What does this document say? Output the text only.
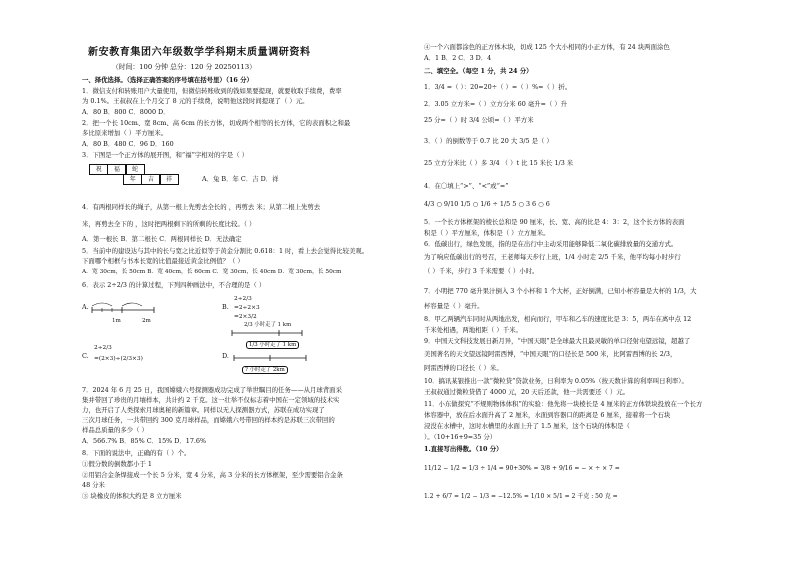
新安教育集团六年级数学学科期末质量调研资料
（时间：100 分钟 总分：120 分 20250113）
一、择优选择。（选择正确答案的序号填在括号里）（16 分）
1．微信支付和转账用户大量使用，但微信转账收到的钱如果要提现，就要收取手续费，费率
为 0.1%。王叔叔在上个月交了 8 元的手续费，说明他这段时间提现了（ ）元。
A．80 B．800 C．8000 D．
2．把一个长 10cm、宽 8cm、高 6cm 的长方体，切成两个相等的长方体，它的表面积之和最
多比原来增加（ ）平方厘米。
A．80 B．480 C．96 D．160
3．下图是一个正方体的展开图，和“福”字相对的字是（ ）
祝	福	蛇
年	吉	祥	A．兔 B．年 C．吉 D．祥
4．有两根同样长的绳子，从第一根上先剪去全长的 ，再剪去 米；从第二根上先剪去
米，再剪去全下的 ，这时把两根剩下的所剩的长度比较。（ ）
A．第一根长 B．第二根长 C．两根同样长 D．无法确定
5．当前中的建设达与其中的长与宽之比近似等于黄金分割比 0.618：1 时，看上去会觉得比较美观。
下面哪个相框与书本长宽的比值最接近黄金比例值？（ ）
A．宽 30cm，长 50cm B．宽 40cm，长 60cm C．宽 30cm，长 40cm D．宽 30cm，长 50cm
6．表示 2÷2/3 的计算过程，下列四种画法中，不合理的是（ ）
A.
1m	2m
B.
2÷2/3
=2÷2×3
=2×3/2
2/3 小时走了 1 km
C.
2÷2/3
=(2×3)÷(2/3×3)	D.
1/3 小时走了 1 km
? 小时走了 2km
7．2024 年 6 月 25 日，我国嫦娥六号探测器成功完成了举世瞩目的任务——从月球背面采
集并带回了珍贵的月壤样本，共计约 2 千克。这一壮举不仅标志着中国在一定领域的技术实
力，也开启了人类探索月球奥秘的新篇章。同样以无人探测器方式，苏联在成功实现了
三次月球任务，一共带回约 300 克月球样品，而嫦娥六号带回的样本约是苏联三次带回的
样品总质量的多少（ ）
A．566.7% B．85% C．15% D．17.6%
8．下面的说法中，正确的有（ ）个。
①假分数的倒数都小于 1
②用铝合金条焊接成一个长 5 分米，宽 4 分米，高 3 分米的长方体框架，至少需要铝合金条
48 分米
③ 块橡皮的体积大约是 8 立方厘米
④一个六面都涂色的正方体木块，切成 125 个大小相同的小正方体，有 24 块两面涂色
A．1 B．2 C．3 D．4
二、填空全。（每空 1 分，共 24 分）
1．3/4 =（ ）：20=20÷（ ）=（ ）%=（ ）折。
2．3.05 立方米=（ ）立方分米 60 毫升=（ ）升
25 分=（ ）时 3/4 公顷=（ ）平方米
3．（ ）的倒数等于 0.7 比 20 大 3/5 是（ ）
25 立方分米比（ ）多 3/4 （ ）t 比 15 米长 1/3 米
4．在〇填上“>”、“<”或“=”
4/3 ○ 9/10 1/5 ○ 1/6 ÷ 1/5 5 ○ 3 6 ○ 6
5．一个长方体框架的棱长总和是 90 厘米，长、宽、高的比是 4：3：2，这个长方体的表面
积是（ ）平方厘米，体积是（ ）立方厘米。
6．低碳出行，绿色发展，指的是在出行中主动采用能够降低二氧化碳排放量的交通方式。
为了响应低碳出行的号召，王老师每天步行上班，1/4 小时走 2/5 千米，他平均每小时步行
（ ）千米，步行 3 千米需要（ ）小时。
7．小明把 770 毫升果汁倒入 3 个小杯和 1 个大杯，正好倒满，已知小杯容量是大杯的 1/3，大
杯容量是（ ）毫升。
8．甲乙两辆汽车同时从两地出发，相向而行，甲车和乙车的速度比是 3：5，两车在离中点 12
千米处相遇，两地相距（ ）千米。
9．中国天文科技发展日新月异，“中国天眼”是全球最大且最灵敏的单口径射电望远镜，超越了
美国著名的天文望远镜阿雷西博，“中国天眼”的口径长是 500 米，比阿雷西博的长 2/3，
阿雷西博的口径长（ ）米。
10．搞讯某银推出一款“微粒贷”贷款业务，日利率为 0.05%（按天数计算的利率叫日利率）。
王叔叔通过微粒贷借了 4000 元，20 天后还款，他一共需要还（ ）元。
11．小东做探究“不规则物体体积”的实验：他先将一块棱长是 4 厘米的正方体铁块投放在一个长方
体容器中，放在后水面升高了 2 厘米，水面到容器口的距离是 6 厘米，接着将一个石块
浸没在水槽中，这时水槽里的水面上升了 1.5 厘米，这个石块的体积是（
）。（10+16+9=35 分）
1.直接写出得数。（10 分）
11/12 − 1/2 = 1/3 ÷ 1/4 = 90+30% = 3/8 + 9/16 = − × ÷ × 7 =
1.2 + 6/7 = 1/2 − 1/3 = −12.5% = 1/10 × 5/1 = 2 千克 : 50 克 =
